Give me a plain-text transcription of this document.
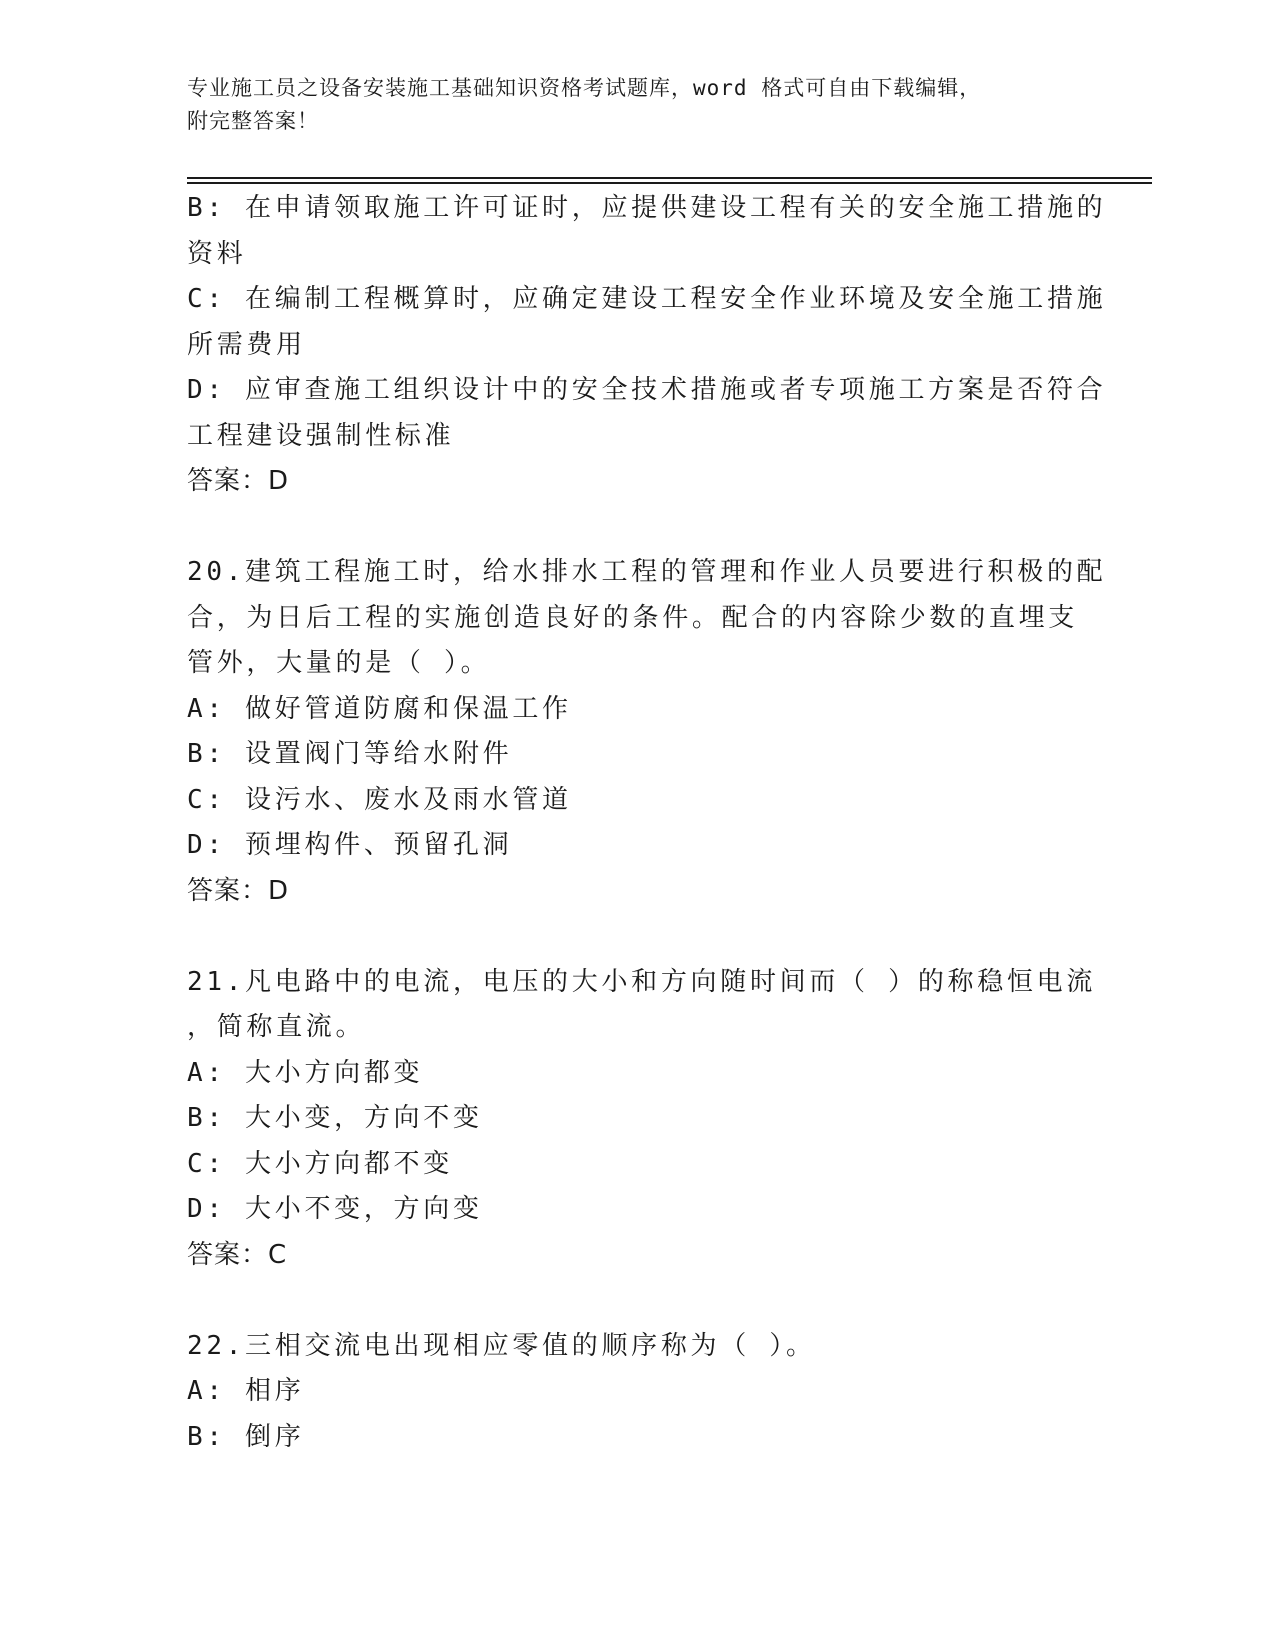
专业施工员之设备安装施工基础知识资格考试题库，word 格式可自由下载编辑，
附完整答案！
B: 在申请领取施工许可证时，应提供建设工程有关的安全施工措施的
资料
C: 在编制工程概算时，应确定建设工程安全作业环境及安全施工措施
所需费用
D: 应审查施工组织设计中的安全技术措施或者专项施工方案是否符合
工程建设强制性标准
答案：D
20.建筑工程施工时，给水排水工程的管理和作业人员要进行积极的配
合，为日后工程的实施创造良好的条件。配合的内容除少数的直埋支
管外，大量的是（ ）。
A: 做好管道防腐和保温工作
B: 设置阀门等给水附件
C: 设污水、废水及雨水管道
D: 预埋构件、预留孔洞
答案：D
21.凡电路中的电流，电压的大小和方向随时间而（ ）的称稳恒电流
，简称直流。
A: 大小方向都变
B: 大小变，方向不变
C: 大小方向都不变
D: 大小不变，方向变
答案：C
22.三相交流电出现相应零值的顺序称为（ ）。
A: 相序
B: 倒序
